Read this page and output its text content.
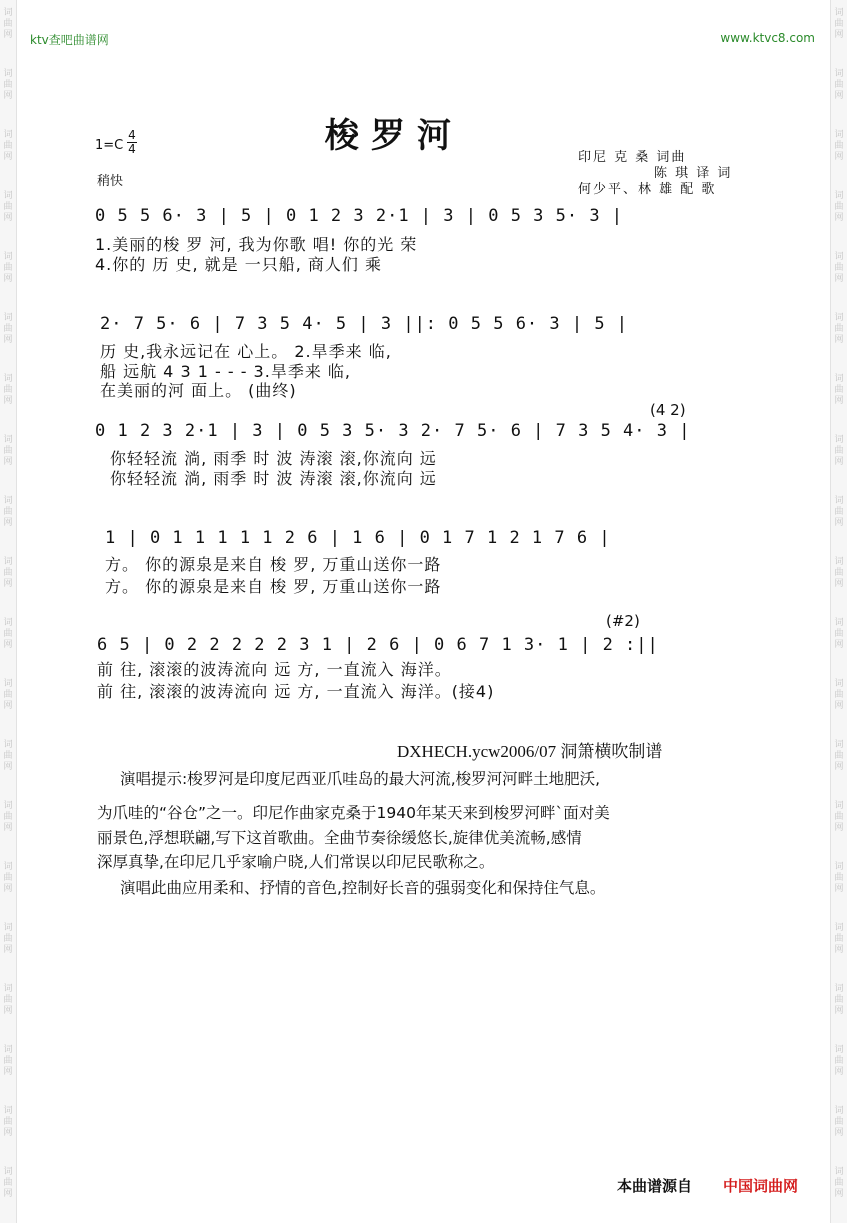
词曲网
词曲网
词曲网
词曲网
词曲网
词曲网
词曲网
词曲网
词曲网
词曲网
词曲网
词曲网
词曲网
词曲网
词曲网
词曲网
词曲网
词曲网
词曲网
词曲网
词曲网
词曲网
词曲网
词曲网
词曲网
词曲网
词曲网
词曲网
词曲网
词曲网
词曲网
词曲网
词曲网
词曲网
词曲网
词曲网
词曲网
词曲网
词曲网
词曲网
ktv查吧曲谱网	www.ktvc8.com
梭罗河
1=C
4
4
稍快
印尼 克 桑 词曲
陈 琪 译 词
何少平、林 雄 配 歌
0 5 5 6· 3 | 5 | 0 1 2 3 2·1 | 3 | 0 5 3 5· 3 |
1.美丽的梭 罗 河, 我为你歌 唱! 你的光 荣
4.你的 历 史, 就是 一只船, 商人们 乘
2· 7 5· 6 | 7 3 5 4· 5 | 3 ||: 0 5 5 6· 3 | 5 |
历 史,我永远记在 心上。 2.旱季来 临,
船 远航 4 3 1 - - - 3.旱季来 临,
在美丽的河 面上。 (曲终)
(4 2)
0 1 2 3 2·1 | 3 | 0 5 3 5· 3 2· 7 5· 6 | 7 3 5 4· 3 |
你轻轻流 淌, 雨季 时 波 涛滚 滚,你流向 远
你轻轻流 淌, 雨季 时 波 涛滚 滚,你流向 远
1 | 0 1 1 1 1 1 2 6 | 1 6 | 0 1 7 1 2 1 7 6 |
方。 你的源泉是来自 梭 罗, 万重山送你一路
方。 你的源泉是来自 梭 罗, 万重山送你一路
(#2)
6 5 | 0 2 2 2 2 2 3 1 | 2 6 | 0 6 7 1 3· 1 | 2 :||
前 往, 滚滚的波涛流向 远 方, 一直流入 海洋。
前 往, 滚滚的波涛流向 远 方, 一直流入 海洋。(接4)
DXHECH.ycw2006/07 洞箫横吹制谱
演唱提示:梭罗河是印度尼西亚爪哇岛的最大河流,梭罗河河畔土地肥沃,
为爪哇的“谷仓”之一。印尼作曲家克桑于1940年某天来到梭罗河畔`面对美
丽景色,浮想联翩,写下这首歌曲。全曲节奏徐缓悠长,旋律优美流畅,感情
深厚真挚,在印尼几乎家喻户晓,人们常误以印尼民歌称之。
演唱此曲应用柔和、抒情的音色,控制好长音的强弱变化和保持住气息。
本曲谱源自 中国词曲网
